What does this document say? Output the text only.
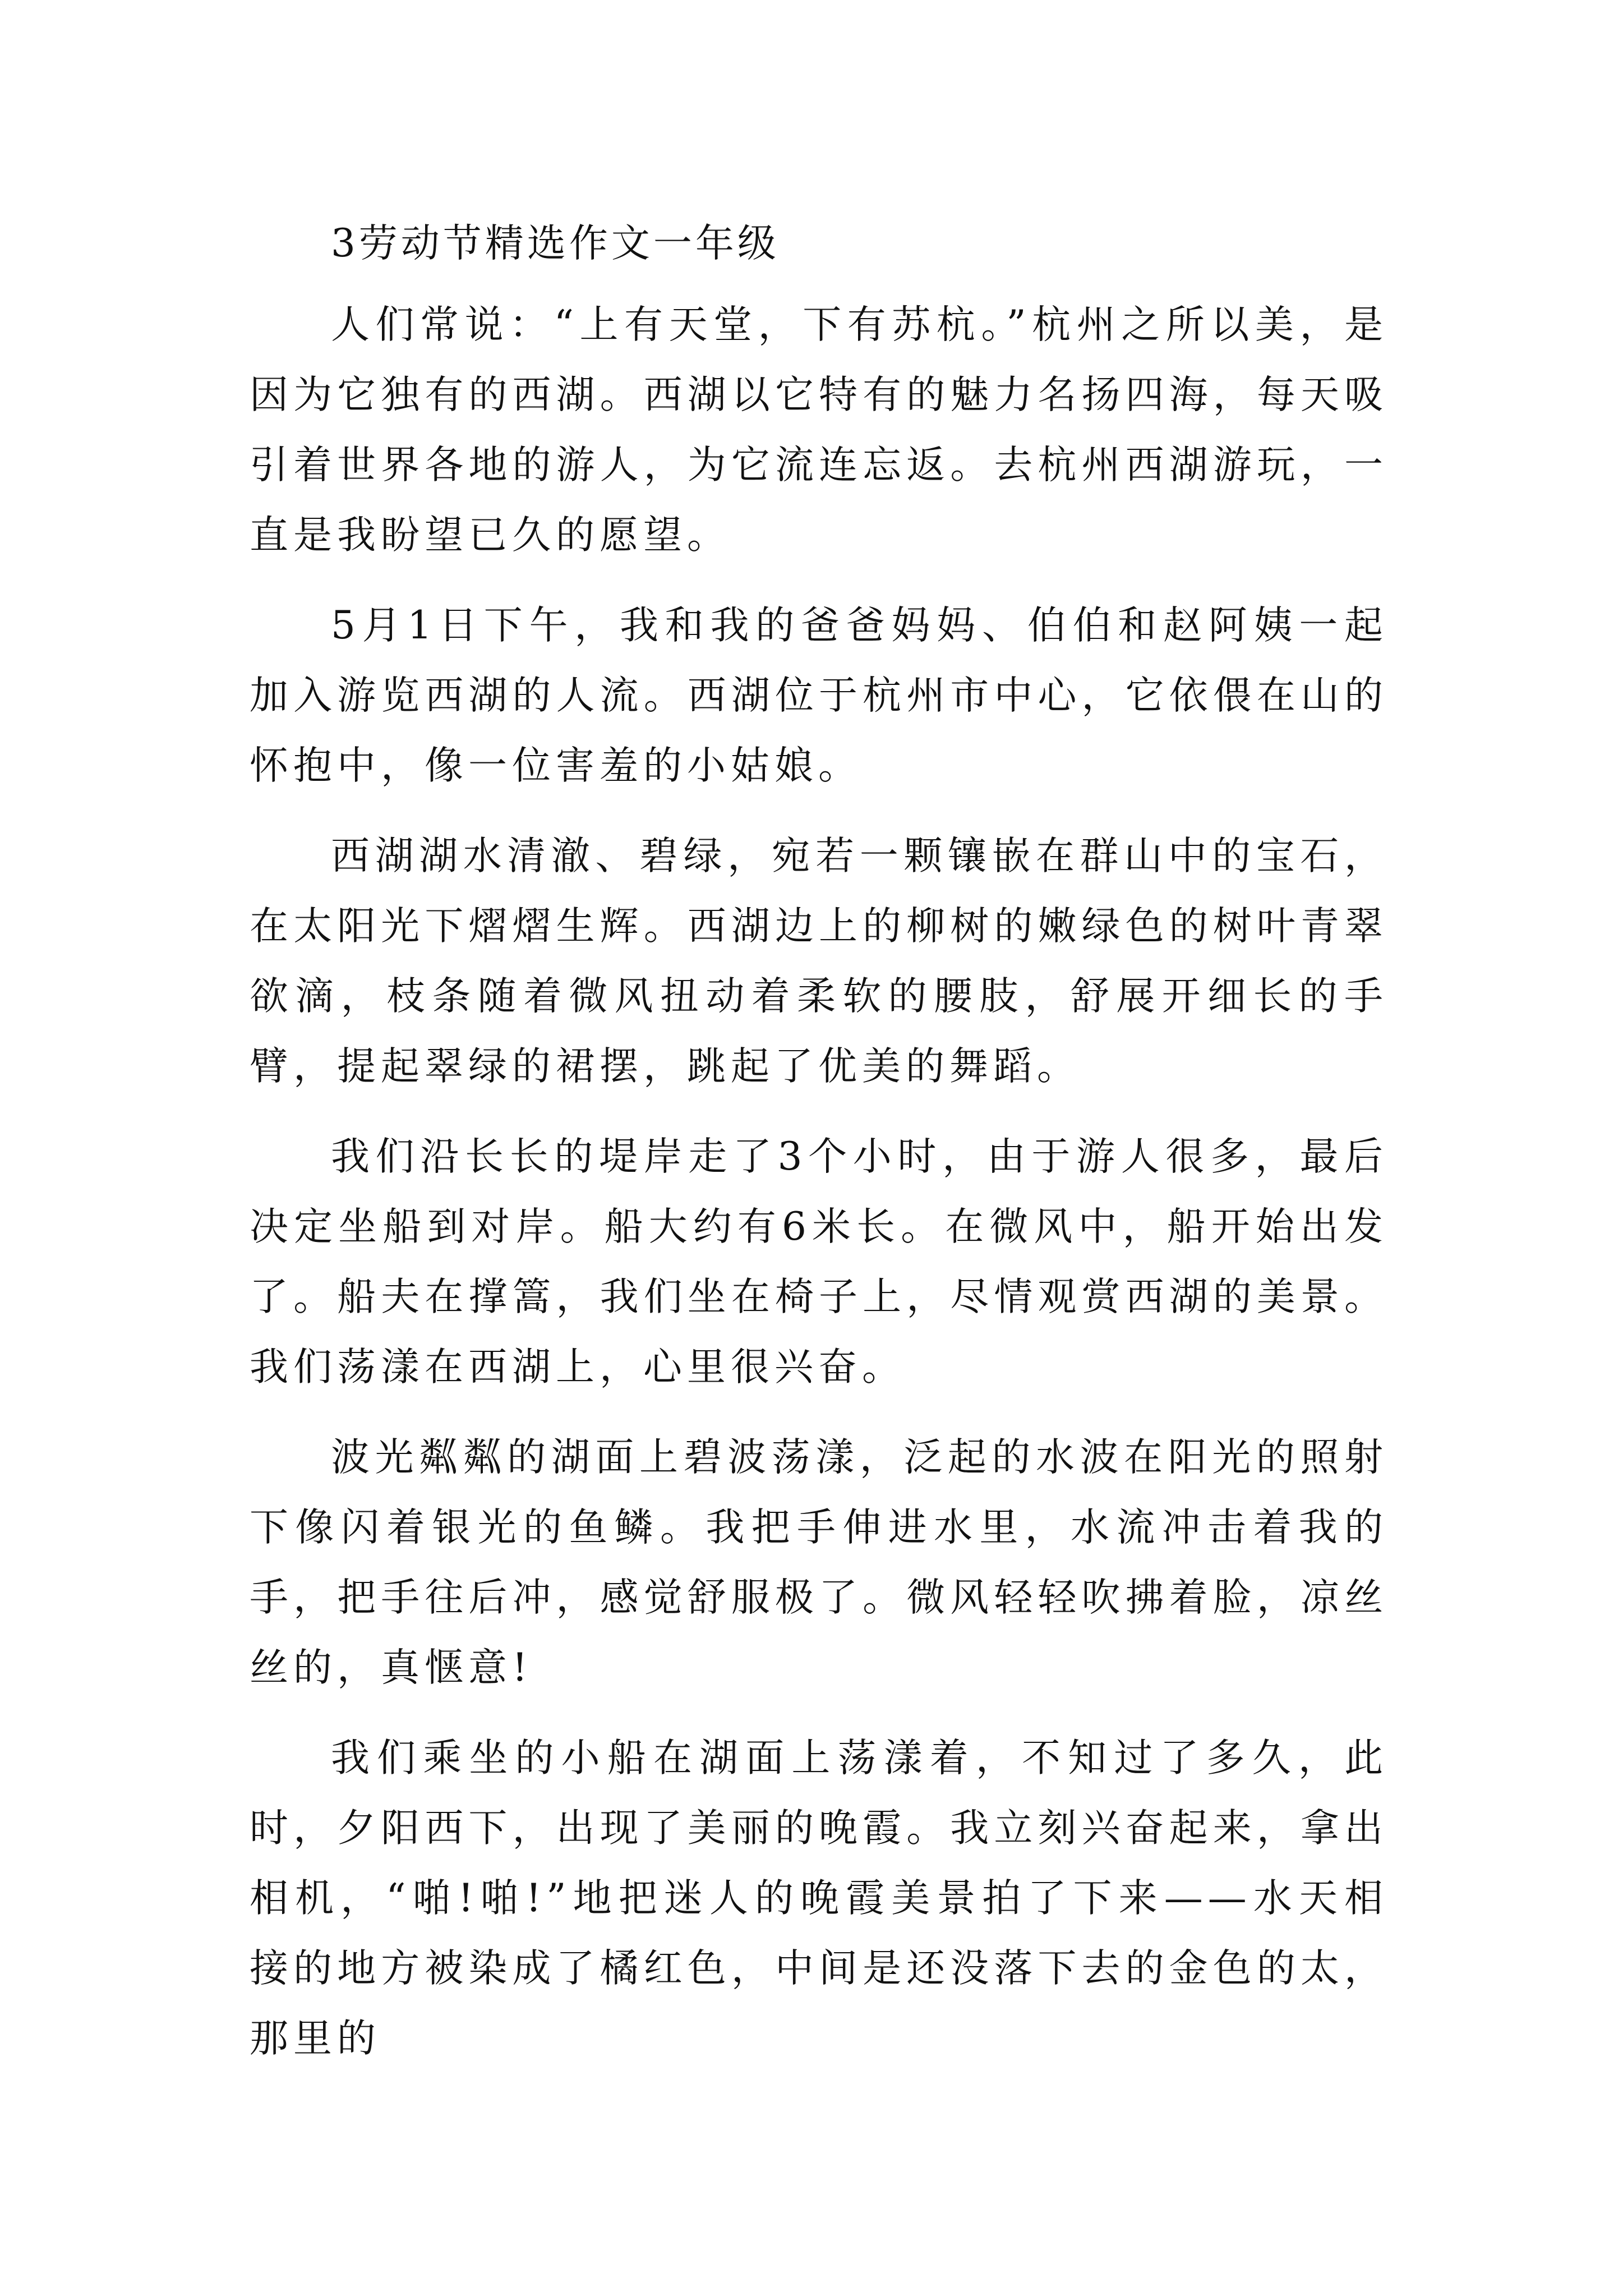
3劳动节精选作文一年级

人们常说：“上有天堂，下有苏杭。”杭州之所以美，是因为它独有的西湖。西湖以它特有的魅力名扬四海，每天吸引着世界各地的游人，为它流连忘返。去杭州西湖游玩，一直是我盼望已久的愿望。

5月1日下午，我和我的爸爸妈妈、伯伯和赵阿姨一起加入游览西湖的人流。西湖位于杭州市中心，它依偎在山的怀抱中，像一位害羞的小姑娘。

西湖湖水清澈、碧绿，宛若一颗镶嵌在群山中的宝石，在太阳光下熠熠生辉。西湖边上的柳树的嫩绿色的树叶青翠欲滴，枝条随着微风扭动着柔软的腰肢，舒展开细长的手臂，提起翠绿的裙摆，跳起了优美的舞蹈。

我们沿长长的堤岸走了3个小时，由于游人很多，最后决定坐船到对岸。船大约有6米长。在微风中，船开始出发了。船夫在撑篙，我们坐在椅子上，尽情观赏西湖的美景。我们荡漾在西湖上，心里很兴奋。

波光粼粼的湖面上碧波荡漾，泛起的水波在阳光的照射下像闪着银光的鱼鳞。我把手伸进水里，水流冲击着我的手，把手往后冲，感觉舒服极了。微风轻轻吹拂着脸，凉丝丝的，真惬意!

我们乘坐的小船在湖面上荡漾着，不知过了多久，此时，夕阳西下，出现了美丽的晚霞。我立刻兴奋起来，拿出相机，“啪!啪!”地把迷人的晚霞美景拍了下来——水天相接的地方被染成了橘红色，中间是还没落下去的金色的太，那里的
